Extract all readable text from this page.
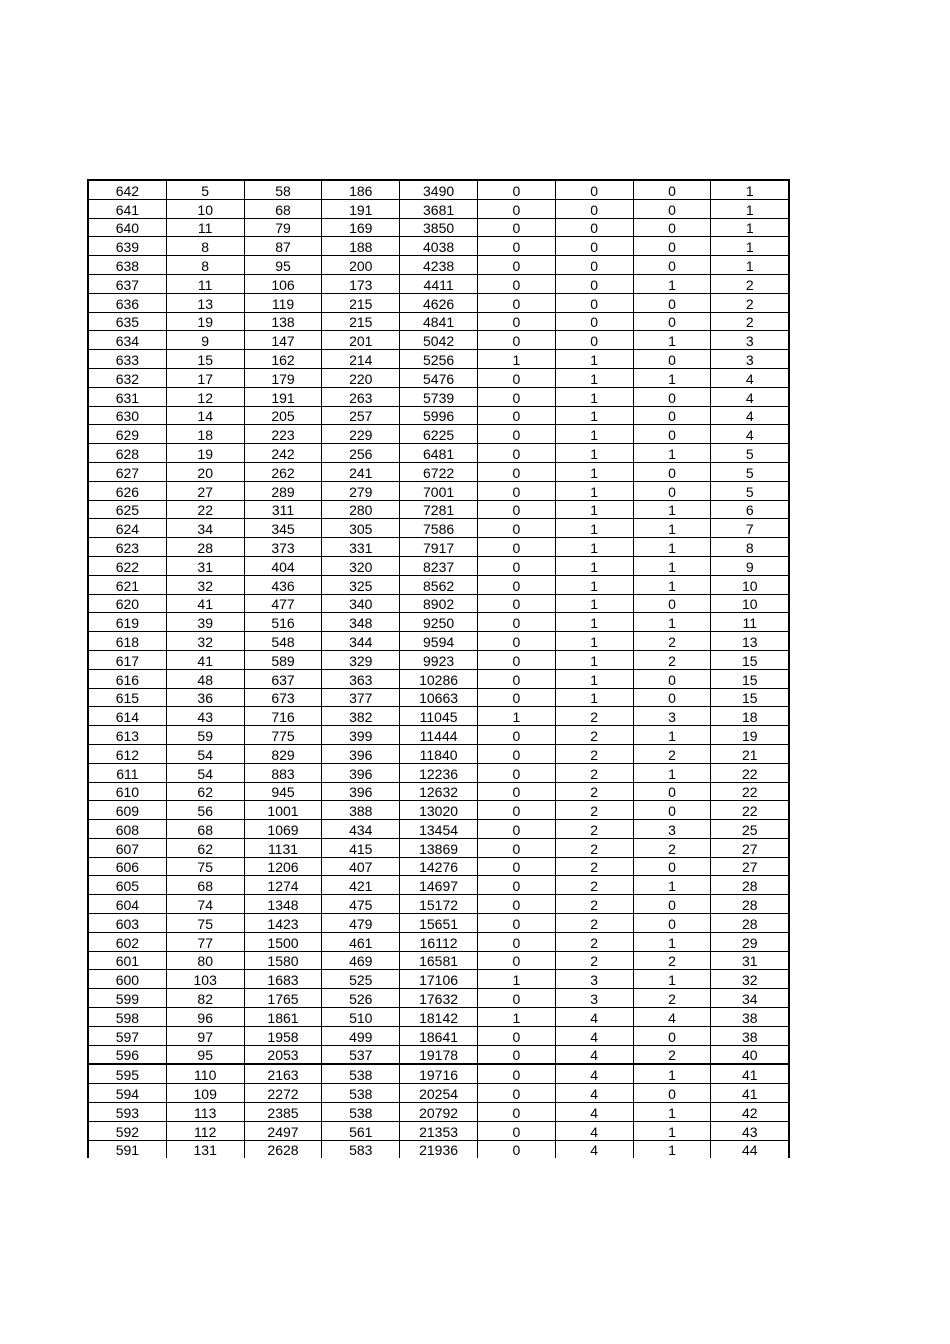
642	5	58	186	3490	0	0	0	1
641	10	68	191	3681	0	0	0	1
640	11	79	169	3850	0	0	0	1
639	8	87	188	4038	0	0	0	1
638	8	95	200	4238	0	0	0	1
637	11	106	173	4411	0	0	1	2
636	13	119	215	4626	0	0	0	2
635	19	138	215	4841	0	0	0	2
634	9	147	201	5042	0	0	1	3
633	15	162	214	5256	1	1	0	3
632	17	179	220	5476	0	1	1	4
631	12	191	263	5739	0	1	0	4
630	14	205	257	5996	0	1	0	4
629	18	223	229	6225	0	1	0	4
628	19	242	256	6481	0	1	1	5
627	20	262	241	6722	0	1	0	5
626	27	289	279	7001	0	1	0	5
625	22	311	280	7281	0	1	1	6
624	34	345	305	7586	0	1	1	7
623	28	373	331	7917	0	1	1	8
622	31	404	320	8237	0	1	1	9
621	32	436	325	8562	0	1	1	10
620	41	477	340	8902	0	1	0	10
619	39	516	348	9250	0	1	1	11
618	32	548	344	9594	0	1	2	13
617	41	589	329	9923	0	1	2	15
616	48	637	363	10286	0	1	0	15
615	36	673	377	10663	0	1	0	15
614	43	716	382	11045	1	2	3	18
613	59	775	399	11444	0	2	1	19
612	54	829	396	11840	0	2	2	21
611	54	883	396	12236	0	2	1	22
610	62	945	396	12632	0	2	0	22
609	56	1001	388	13020	0	2	0	22
608	68	1069	434	13454	0	2	3	25
607	62	1131	415	13869	0	2	2	27
606	75	1206	407	14276	0	2	0	27
605	68	1274	421	14697	0	2	1	28
604	74	1348	475	15172	0	2	0	28
603	75	1423	479	15651	0	2	0	28
602	77	1500	461	16112	0	2	1	29
601	80	1580	469	16581	0	2	2	31
600	103	1683	525	17106	1	3	1	32
599	82	1765	526	17632	0	3	2	34
598	96	1861	510	18142	1	4	4	38
597	97	1958	499	18641	0	4	0	38
596	95	2053	537	19178	0	4	2	40
595	110	2163	538	19716	0	4	1	41
594	109	2272	538	20254	0	4	0	41
593	113	2385	538	20792	0	4	1	42
592	112	2497	561	21353	0	4	1	43
591	131	2628	583	21936	0	4	1	44
